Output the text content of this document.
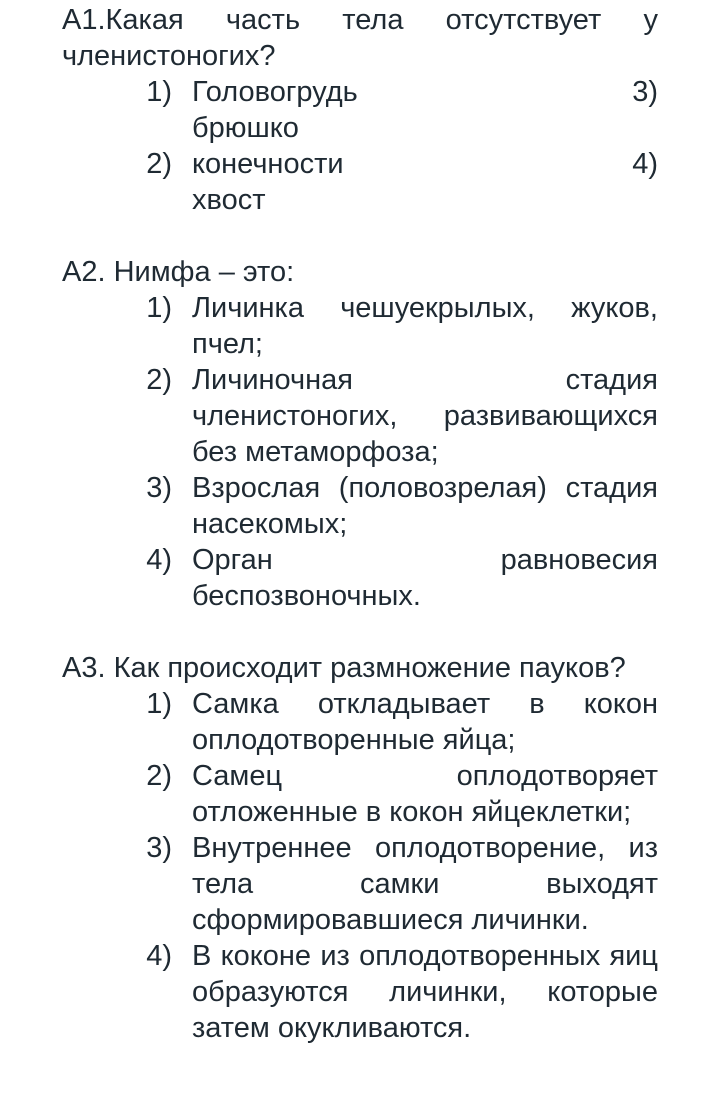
А1.Какая часть тела отсутствует у
членистоногих?
1) Головогрудь	3)
брюшко
2) конечности	4)
хвост
А2. Нимфа – это:
1) Личинка чешуекрылых, жуков, пчел;
2) Личиночная стадия членистоногих, развивающихся без метаморфоза;
3) Взрослая (половозрелая) стадия насекомых;
4) Орган равновесия беспозвоночных.
А3. Как происходит размножение пауков?
1) Самка откладывает в кокон оплодотворенные яйца;
2) Самец оплодотворяет отложенные в кокон яйцеклетки;
3) Внутреннее оплодотворение, из тела самки выходят сформировавшиеся личинки.
4) В коконе из оплодотворенных яиц образуются личинки, которые затем окукливаются.
